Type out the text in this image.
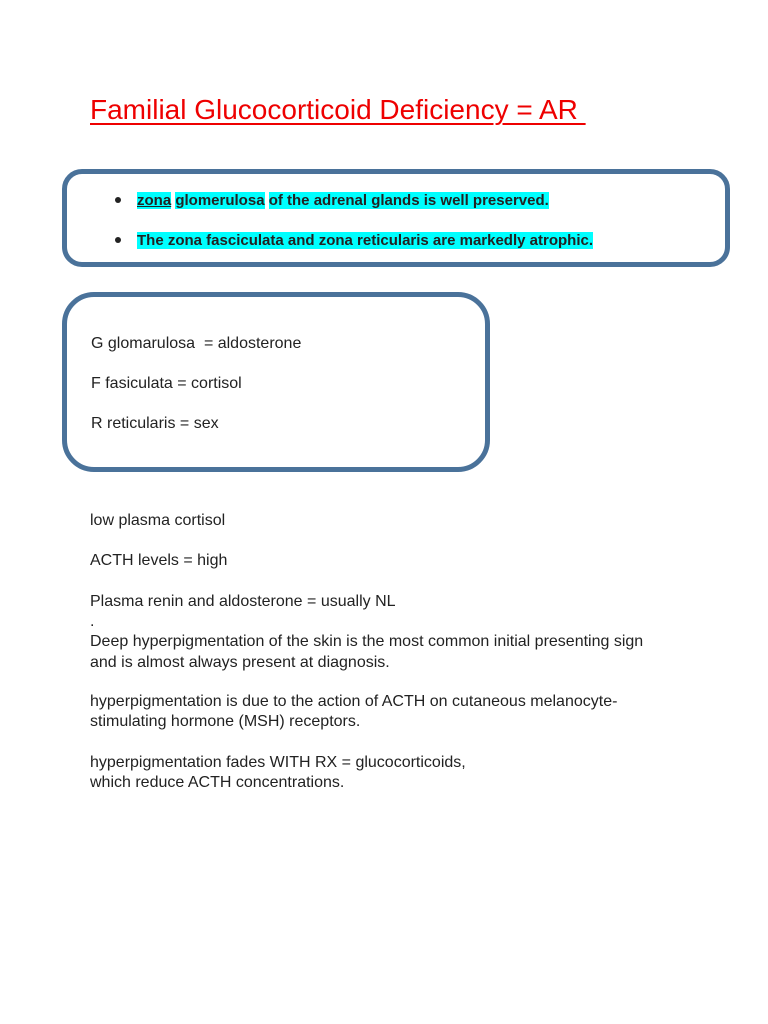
Familial Glucocorticoid Deficiency = AR
zona glomerulosa of the adrenal glands is well preserved.
The zona fasciculata and zona reticularis are markedly atrophic.
G glomarulosa  = aldosterone
F fasiculata = cortisol
R reticularis = sex
low plasma cortisol
ACTH levels = high
Plasma renin and aldosterone = usually NL
.
Deep hyperpigmentation of the skin is the most common initial presenting sign
and is almost always present at diagnosis.
hyperpigmentation is due to the action of ACTH on cutaneous melanocyte-
stimulating hormone (MSH) receptors.
hyperpigmentation fades WITH RX = glucocorticoids,
which reduce ACTH concentrations.
